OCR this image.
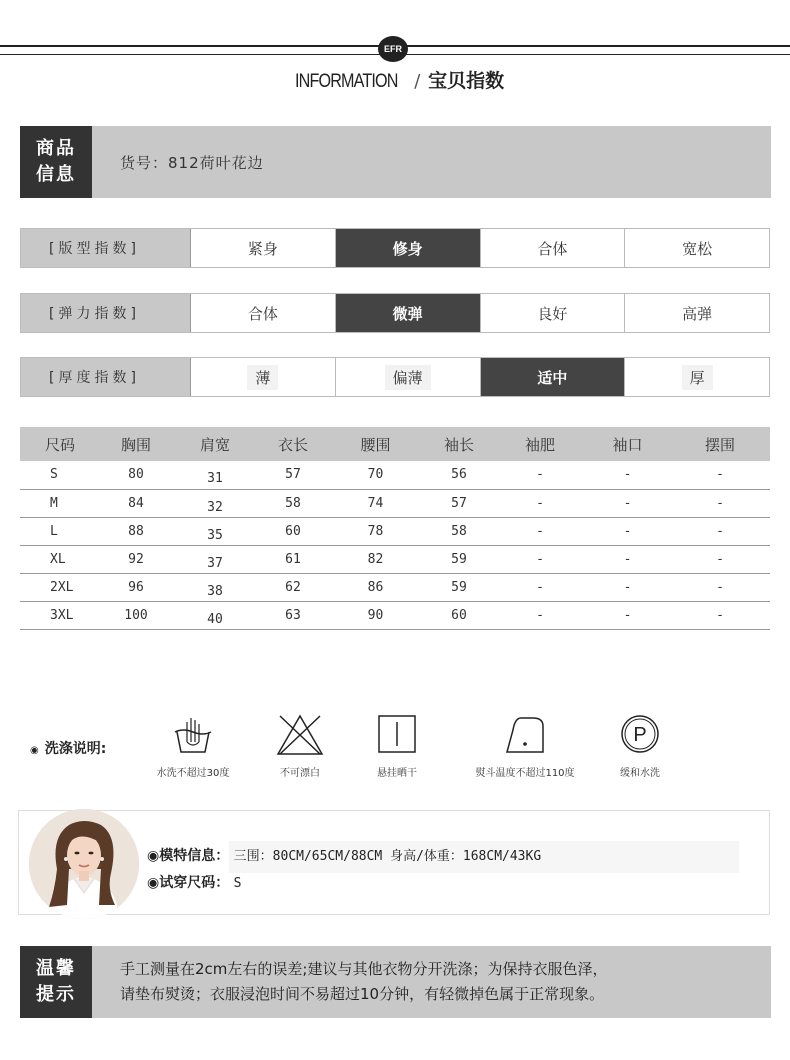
EFR
INFORMATION / 宝贝指数
商品
信息
货号：812荷叶花边
[版型指数]	紧身	修身	合体	宽松
[弹力指数]	合体	微弹	良好	高弹
[厚度指数]	薄	偏薄	适中	厚
尺码	胸围	肩宽	衣长	腰围	袖长	袖肥	袖口	摆围
S	80	31	57	70	56	-	-	-
M	84	32	58	74	57	-	-	-
L	88	35	60	78	58	-	-	-
XL	92	37	61	82	59	-	-	-
2XL	96	38	62	86	59	-	-	-
3XL	100	40	63	90	60	-	-	-
◉ 洗涤说明:
水洗不超过30度	不可漂白	悬挂晒干	熨斗温度不超过110度
P
缓和水洗
◉模特信息： 三围：80CM/65CM/88CM 身高/体重：168CM/43KG
◉试穿尺码： S
温馨
提示
手工测量在2cm左右的误差;建议与其他衣物分开洗涤；为保持衣服色泽，
请垫布熨烫；衣服浸泡时间不易超过10分钟，有轻微掉色属于正常现象。
